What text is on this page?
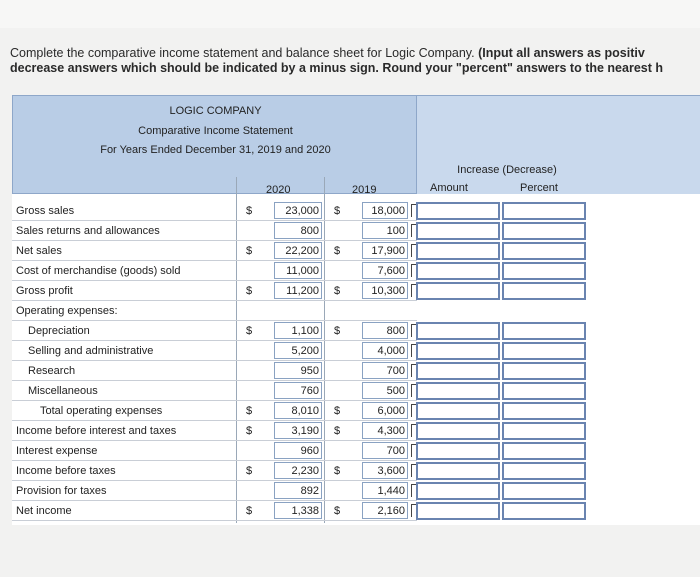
Complete the comparative income statement and balance sheet for Logic Company. (Input all answers as positiv
decrease answers which should be indicated by a minus sign. Round your "percent" answers to the nearest h
LOGIC COMPANY
Comparative Income Statement
For Years Ended December 31, 2019 and 2020
Increase (Decrease)
2020	2019	Amount	Percent
Gross sales	$	23,000 $	18,000
Sales returns and allowances	800	100
Net sales	$	22,200 $	17,900
Cost of merchandise (goods) sold	11,000	7,600
Gross profit	$	11,200 $	10,300
Operating expenses:
Depreciation	$	1,100 $	800
Selling and administrative	5,200	4,000
Research	950	700
Miscellaneous	760	500
Total operating expenses	$	8,010 $	6,000
Income before interest and taxes	$	3,190 $	4,300
Interest expense	960	700
Income before taxes	$	2,230 $	3,600
Provision for taxes	892	1,440
Net income	$	1,338 $	2,160
